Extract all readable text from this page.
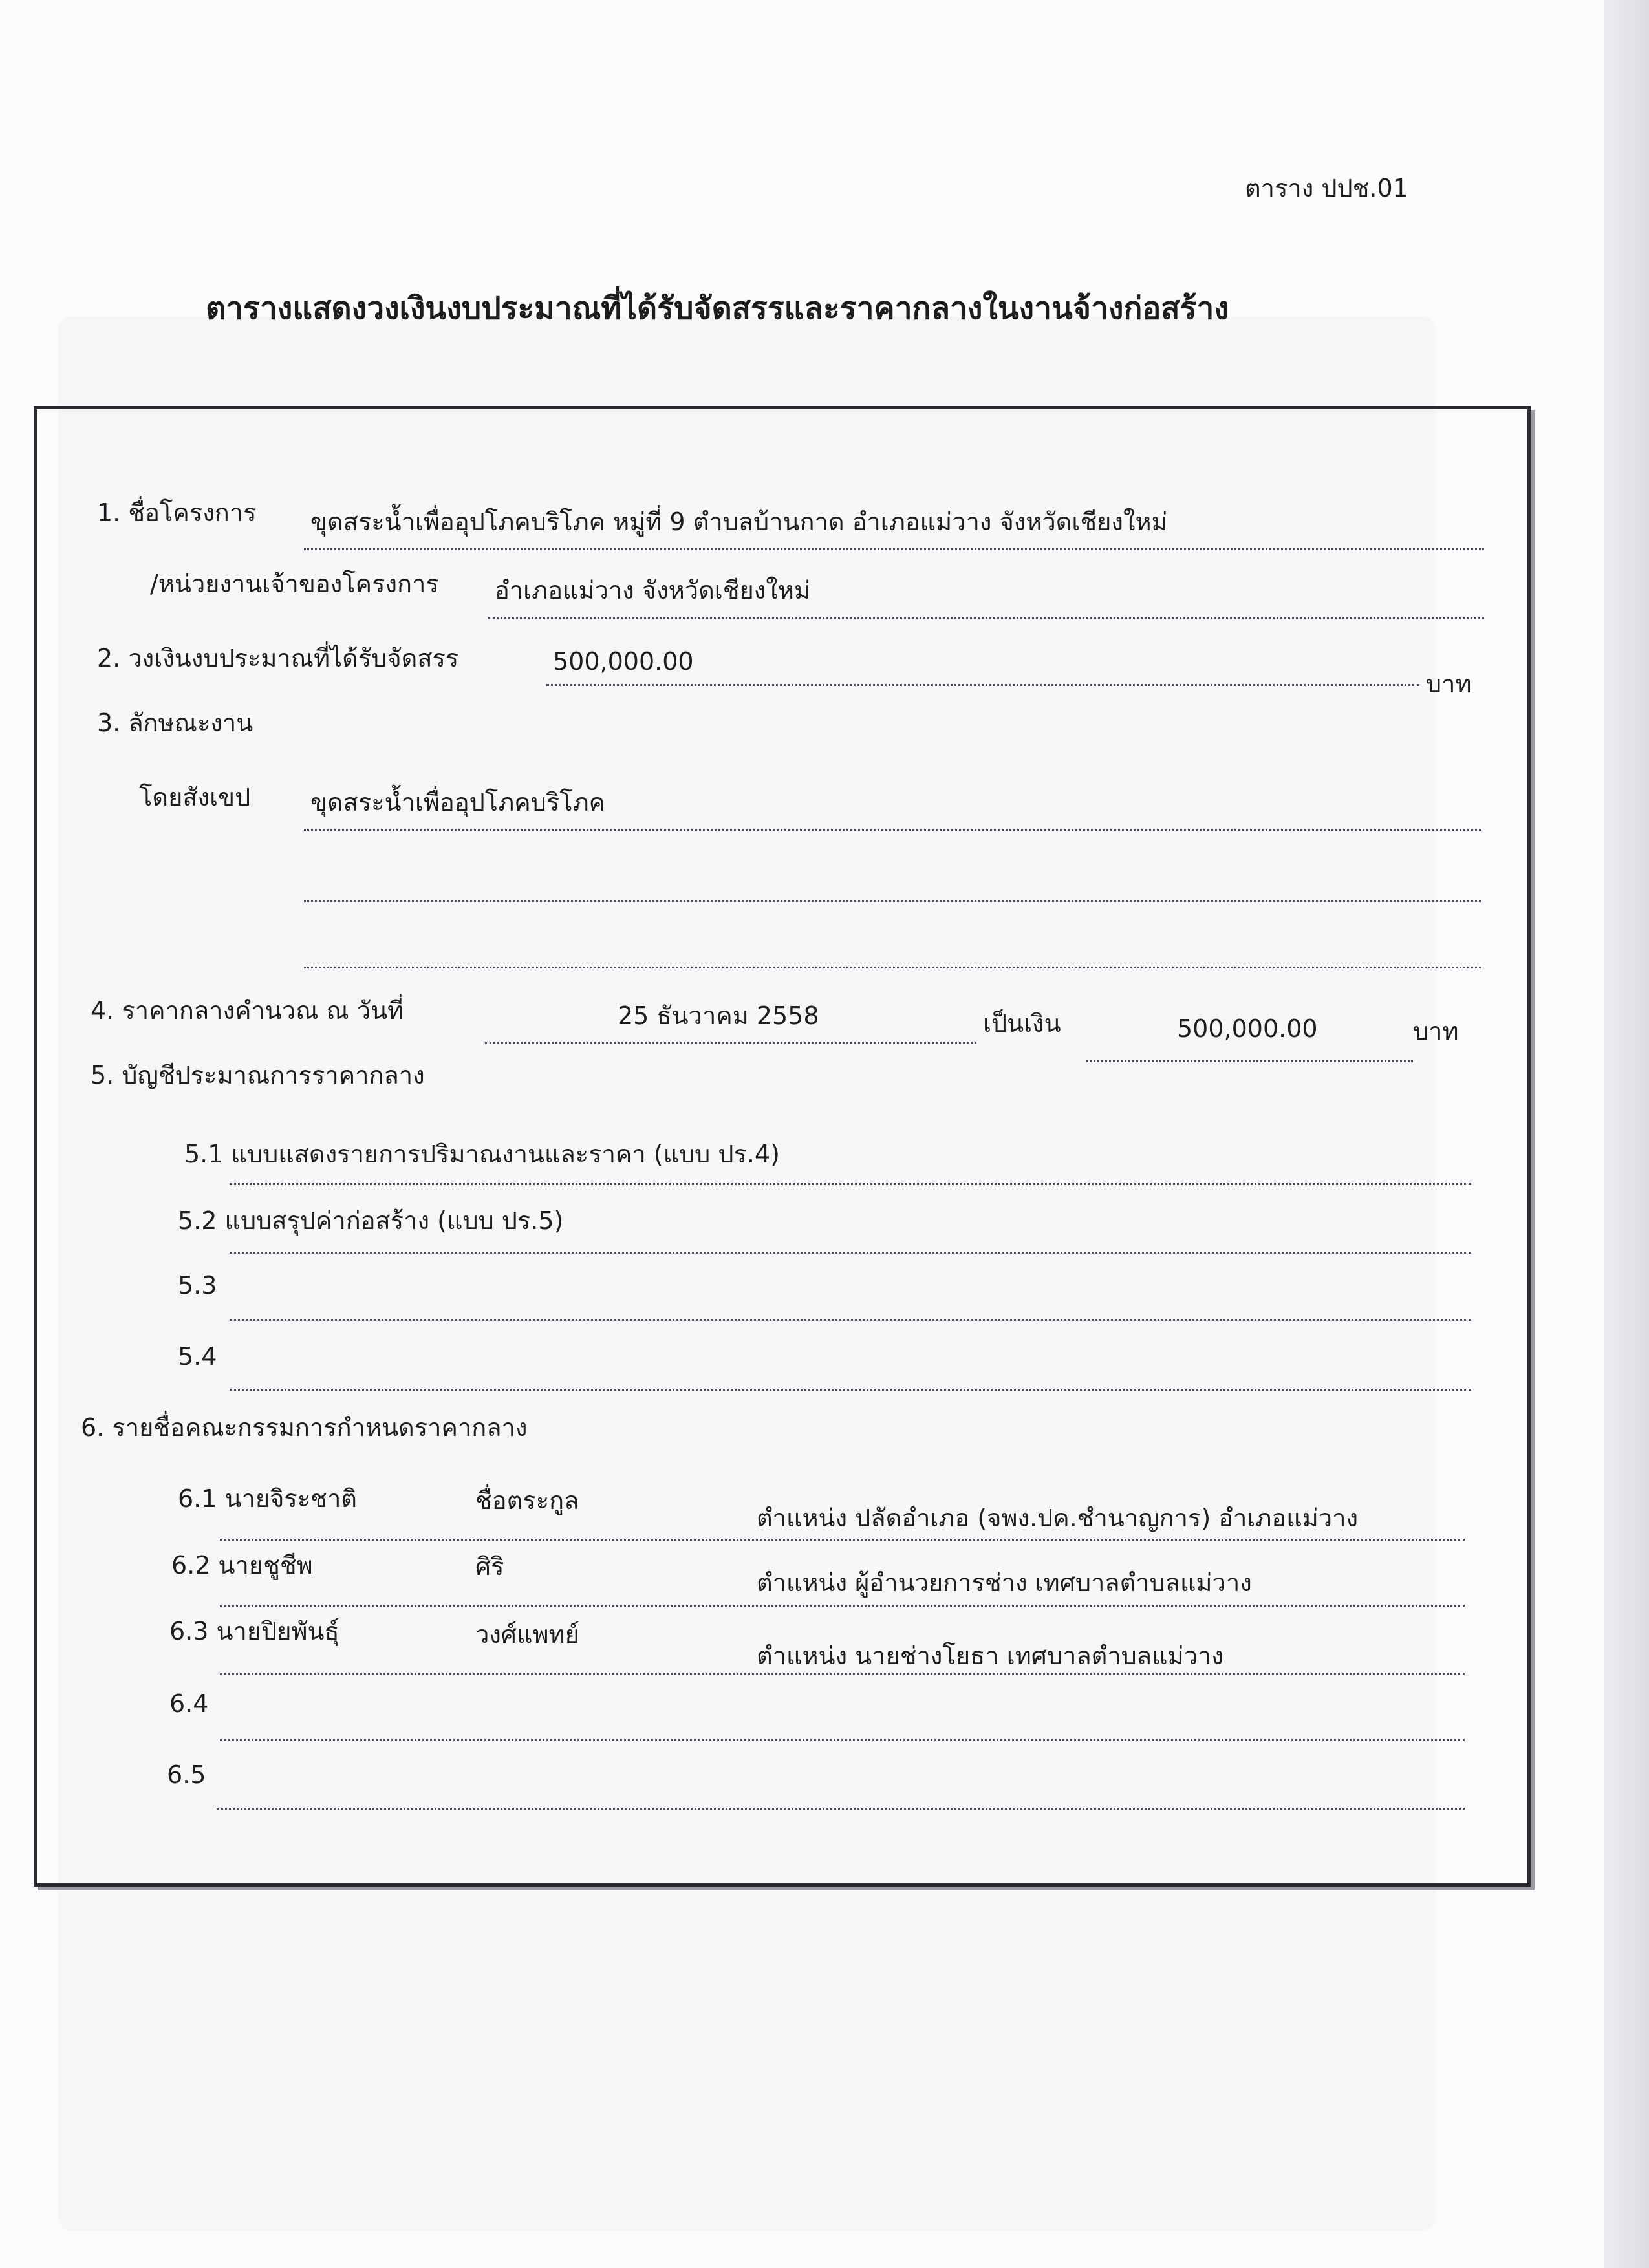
ตาราง ปปช.01
ตารางแสดงวงเงินงบประมาณที่ได้รับจัดสรรและราคากลางในงานจ้างก่อสร้าง
1. ชื่อโครงการ ขุดสระน้ำเพื่ออุปโภคบริโภค หมู่ที่ 9 ตำบลบ้านกาด อำเภอแม่วาง จังหวัดเชียงใหม่
/หน่วยงานเจ้าของโครงการ อำเภอแม่วาง จังหวัดเชียงใหม่
2. วงเงินงบประมาณที่ได้รับจัดสรร	500,000.00
บาท
3. ลักษณะงาน
โดยสังเขป ขุดสระน้ำเพื่ออุปโภคบริโภค
4. ราคากลางคำนวณ ณ วันที่	25 ธันวาคม 2558	เป็นเงิน	500,000.00	บาท
5. บัญชีประมาณการราคากลาง
5.1 แบบแสดงรายการปริมาณงานและราคา (แบบ ปร.4)
5.2 แบบสรุปค่าก่อสร้าง (แบบ ปร.5)
5.3
5.4
6. รายชื่อคณะกรรมการกำหนดราคากลาง
6.1 นายจิระชาติ	ชื่อตระกูล
ตำแหน่ง ปลัดอำเภอ (จพง.ปค.ชำนาญการ) อำเภอแม่วาง
6.2 นายชูชีพ	ศิริ
ตำแหน่ง ผู้อำนวยการช่าง เทศบาลตำบลแม่วาง
6.3 นายปิยพันธุ์	วงศ์แพทย์
ตำแหน่ง นายช่างโยธา เทศบาลตำบลแม่วาง
6.4
6.5
